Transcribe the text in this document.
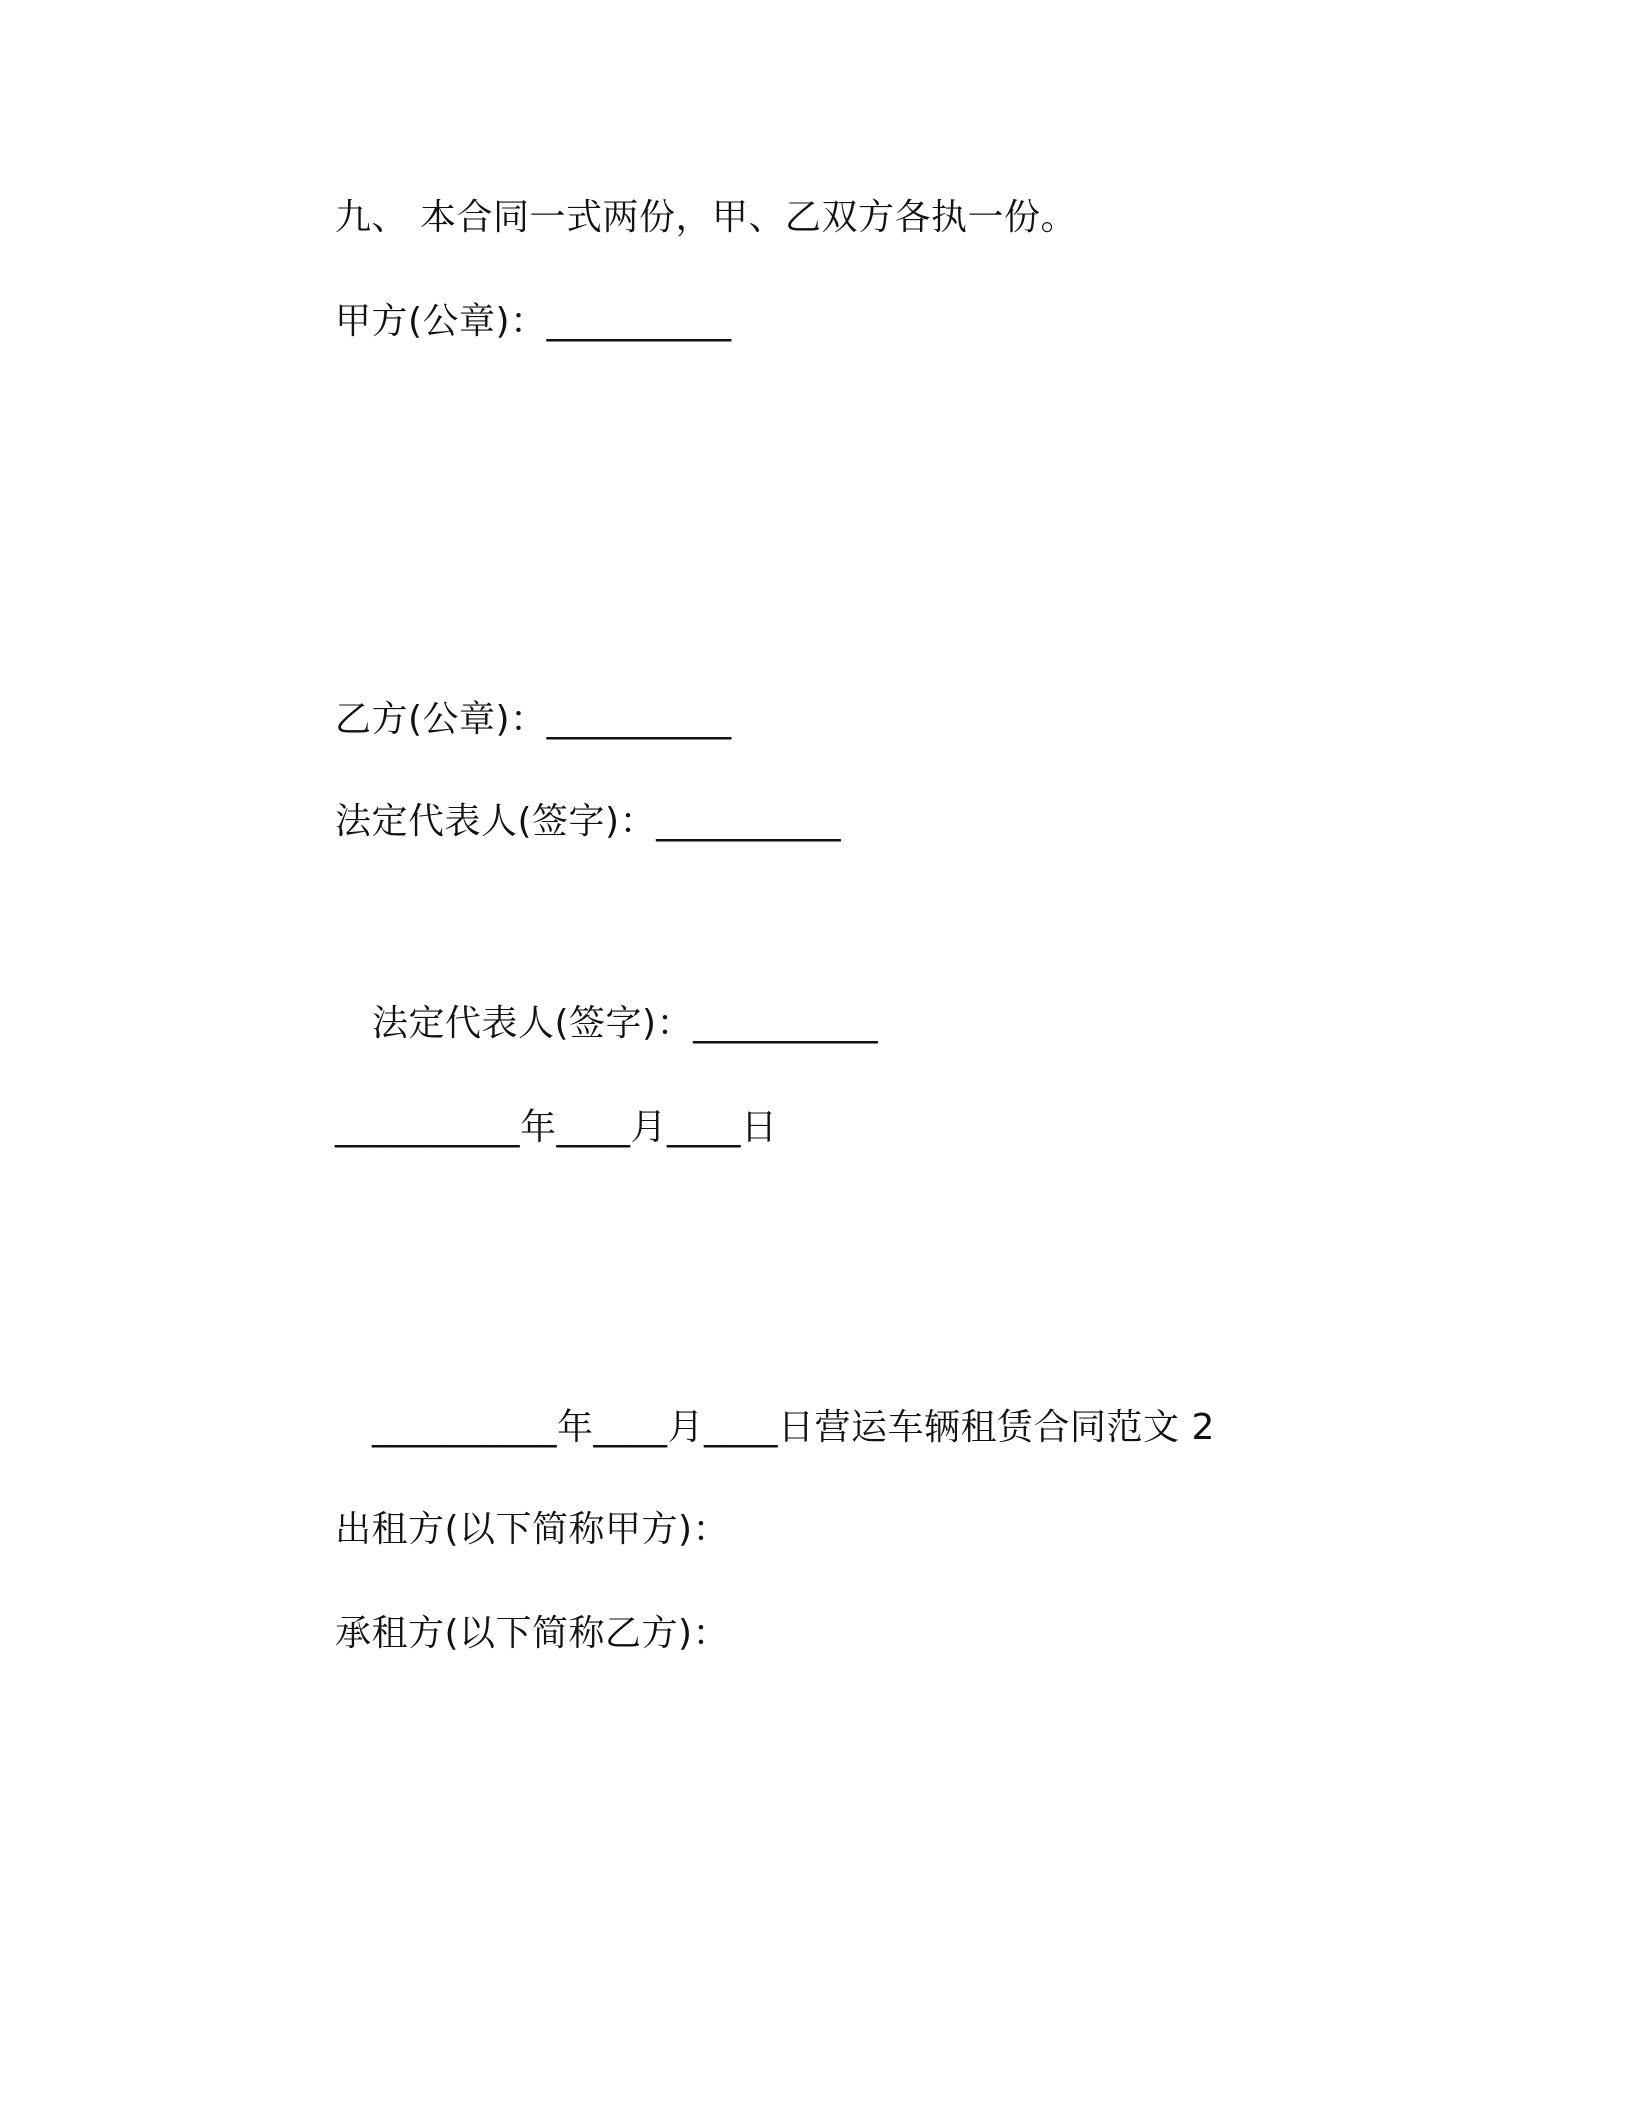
九、 本合同一式两份，甲、乙双方各执一份。
甲方(公章)：__________
乙方(公章)：__________
法定代表人(签字)：__________
法定代表人(签字)：__________
__________年____月____日
__________年____月____日营运车辆租赁合同范文 2
出租方(以下简称甲方)：
承租方(以下简称乙方)：
